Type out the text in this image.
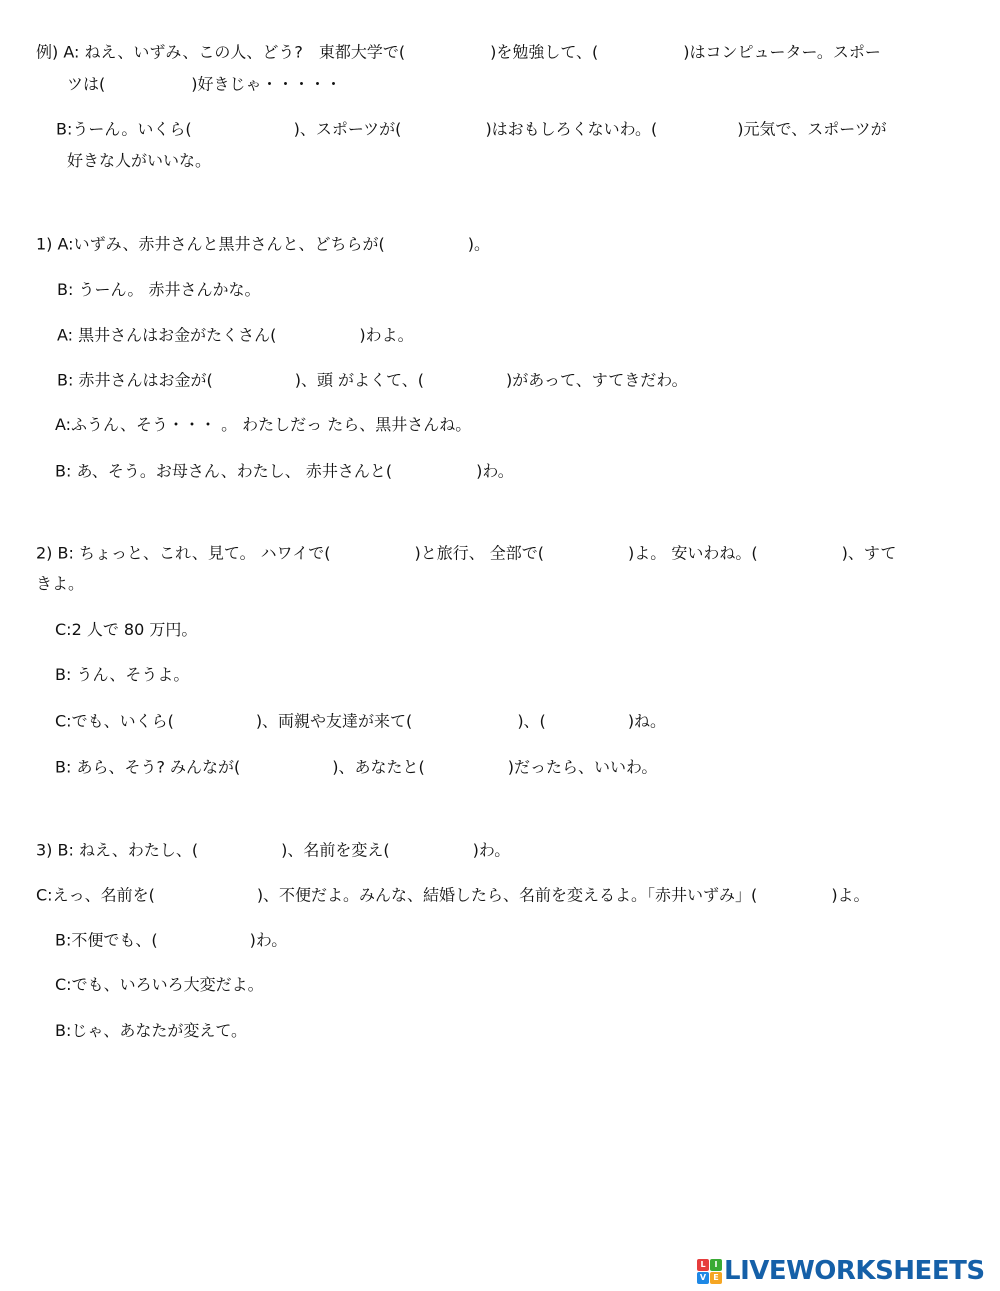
例) A: ねえ、いずみ、この人、どう?　東都大学で(	)を勉強して、(	)はコンピューター。スポー
ツは(	)好きじゃ・・・・・
B:うーん。いくら(	)、スポーツが(	)はおもしろくないわ。(	)元気で、スポーツが
好きな人がいいな。
1) A:いずみ、赤井さんと黒井さんと、どちらが(	)。
B: うーん。 赤井さんかな。
A: 黒井さんはお金がたくさん(	)わよ。
B: 赤井さんはお金が(	)、頭 がよくて、(	)があって、すてきだわ。
A:ふうん、そう・・・ 。 わたしだっ たら、黒井さんね。
B: あ、そう。お母さん、わたし、 赤井さんと(	)わ。
2) B: ちょっと、これ、見て。 ハワイで(	)と旅行、 全部で(	)よ。 安いわね。(	)、すて
きよ。
C:2 人で 80 万円。
B: うん、そうよ。
C:でも、いくら(	)、両親や友達が来て(	)、(	)ね。
B: あら、そう? みんなが(	)、あなたと(	)だったら、いいわ。
3) B: ねえ、わたし、(	)、名前を変え(	)わ。
C:えっ、名前を(	)、不便だよ。みんな、結婚したら、名前を変えるよ。「赤井いずみ」(	)よ。
B:不便でも、(	)わ。
C:でも、いろいろ大変だよ。
B:じゃ、あなたが変えて。
L	I
V E LIVEWORKSHEETS
